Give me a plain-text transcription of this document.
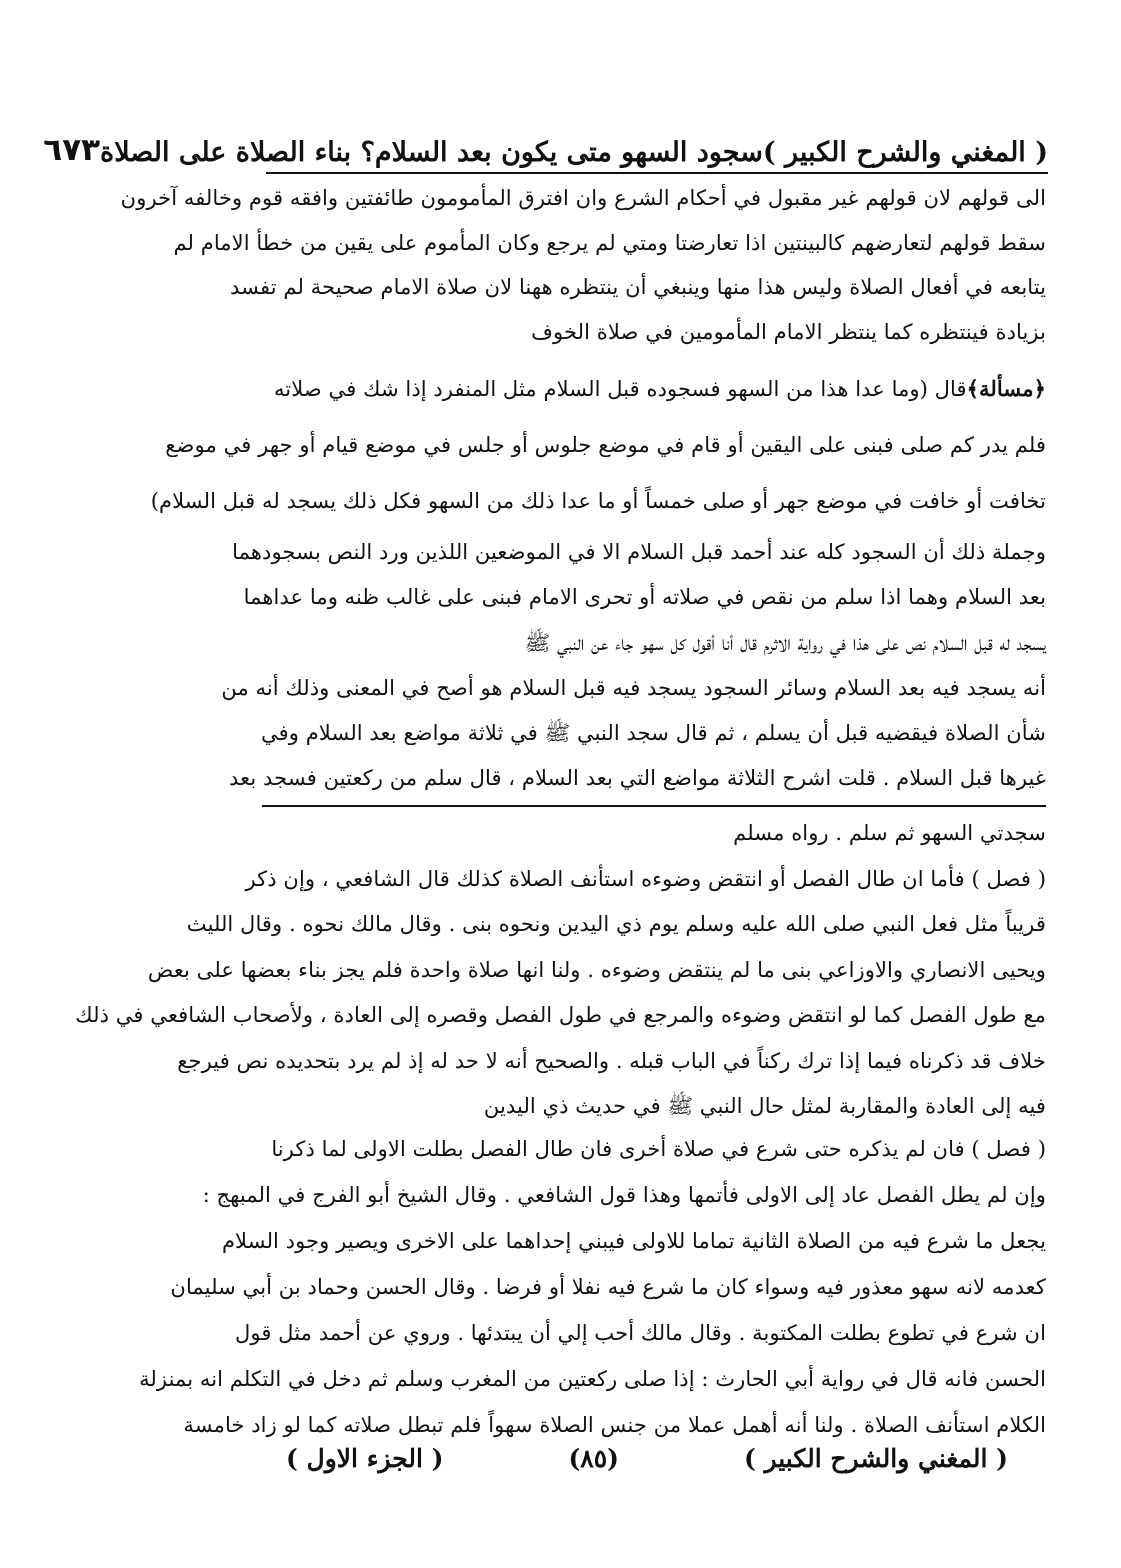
( المغني والشرح الكبير )
سجود السهو متى يكون بعد السلام؟ بناء الصلاة على الصلاة
٦٧٣
الى قولهم لان قولهم غير مقبول في أحكام الشرع وان افترق المأمومون طائفتين وافقه قوم وخالفه آخرون
سقط قولهم لتعارضهم كالبينتين اذا تعارضتا ومتي لم يرجع وكان المأموم على يقين من خطأ الامام لم
يتابعه في أفعال الصلاة وليس هذا منها وينبغي أن ينتظره ههنا لان صلاة الامام صحيحة لم تفسد
بزيادة فينتظره كما ينتظر الامام المأمومين في صلاة الخوف
﴿مسألة﴾قال (وما عدا هذا من السهو فسجوده قبل السلام مثل المنفرد إذا شك في صلاته
فلم يدر كم صلى فبنى على اليقين أو قام في موضع جلوس أو جلس في موضع قيام أو جهر في موضع
تخافت أو خافت في موضع جهر أو صلى خمساً أو ما عدا ذلك من السهو فكل ذلك يسجد له قبل السلام)
وجملة ذلك أن السجود كله عند أحمد قبل السلام الا في الموضعين اللذين ورد النص بسجودهما
بعد السلام وهما اذا سلم من نقص في صلاته أو تحرى الامام فبنى على غالب ظنه وما عداهما
يسجد له قبل السلام نص على هذا في رواية الاثرم قال أنا أقول كل سهو جاء عن النبي ﷺ
أنه يسجد فيه بعد السلام وسائر السجود يسجد فيه قبل السلام هو أصح في المعنى وذلك أنه من
شأن الصلاة فيقضيه قبل أن يسلم ، ثم قال سجد النبي ﷺ في ثلاثة مواضع بعد السلام وفي
غيرها قبل السلام . قلت اشرح الثلاثة مواضع التي بعد السلام ، قال سلم من ركعتين فسجد بعد
سجدتي السهو ثم سلم . رواه مسلم
( فصل ) فأما ان طال الفصل أو انتقض وضوءه استأنف الصلاة كذلك قال الشافعي ، وإن ذكر
قريباً مثل فعل النبي صلى الله عليه وسلم يوم ذي اليدين ونحوه بنى . وقال مالك نحوه . وقال الليث
ويحيى الانصاري والاوزاعي بنى ما لم ينتقض وضوءه . ولنا انها صلاة واحدة فلم يجز بناء بعضها على بعض
مع طول الفصل كما لو انتقض وضوءه والمرجع في طول الفصل وقصره إلى العادة ، ولأصحاب الشافعي في ذلك
خلاف قد ذكرناه فيما إذا ترك ركناً في الباب قبله . والصحيح أنه لا حد له إذ لم يرد بتحديده نص فيرجع
فيه إلى العادة والمقاربة لمثل حال النبي ﷺ في حديث ذي اليدين
( فصل ) فان لم يذكره حتى شرع في صلاة أخرى فان طال الفصل بطلت الاولى لما ذكرنا
وإن لم يطل الفصل عاد إلى الاولى فأتمها وهذا قول الشافعي . وقال الشيخ أبو الفرج في المبهج :
يجعل ما شرع فيه من الصلاة الثانية تماما للاولى فيبني إحداهما على الاخرى ويصير وجود السلام
كعدمه لانه سهو معذور فيه وسواء كان ما شرع فيه نفلا أو فرضا . وقال الحسن وحماد بن أبي سليمان
ان شرع في تطوع بطلت المكتوبة . وقال مالك أحب إلي أن يبتدئها . وروي عن أحمد مثل قول
الحسن فانه قال في رواية أبي الحارث : إذا صلى ركعتين من المغرب وسلم ثم دخل في التكلم انه بمنزلة
الكلام استأنف الصلاة . ولنا أنه أهمل عملا من جنس الصلاة سهواً فلم تبطل صلاته كما لو زاد خامسة
( المغني والشرح الكبير )
(٨٥)
( الجزء الاول )
